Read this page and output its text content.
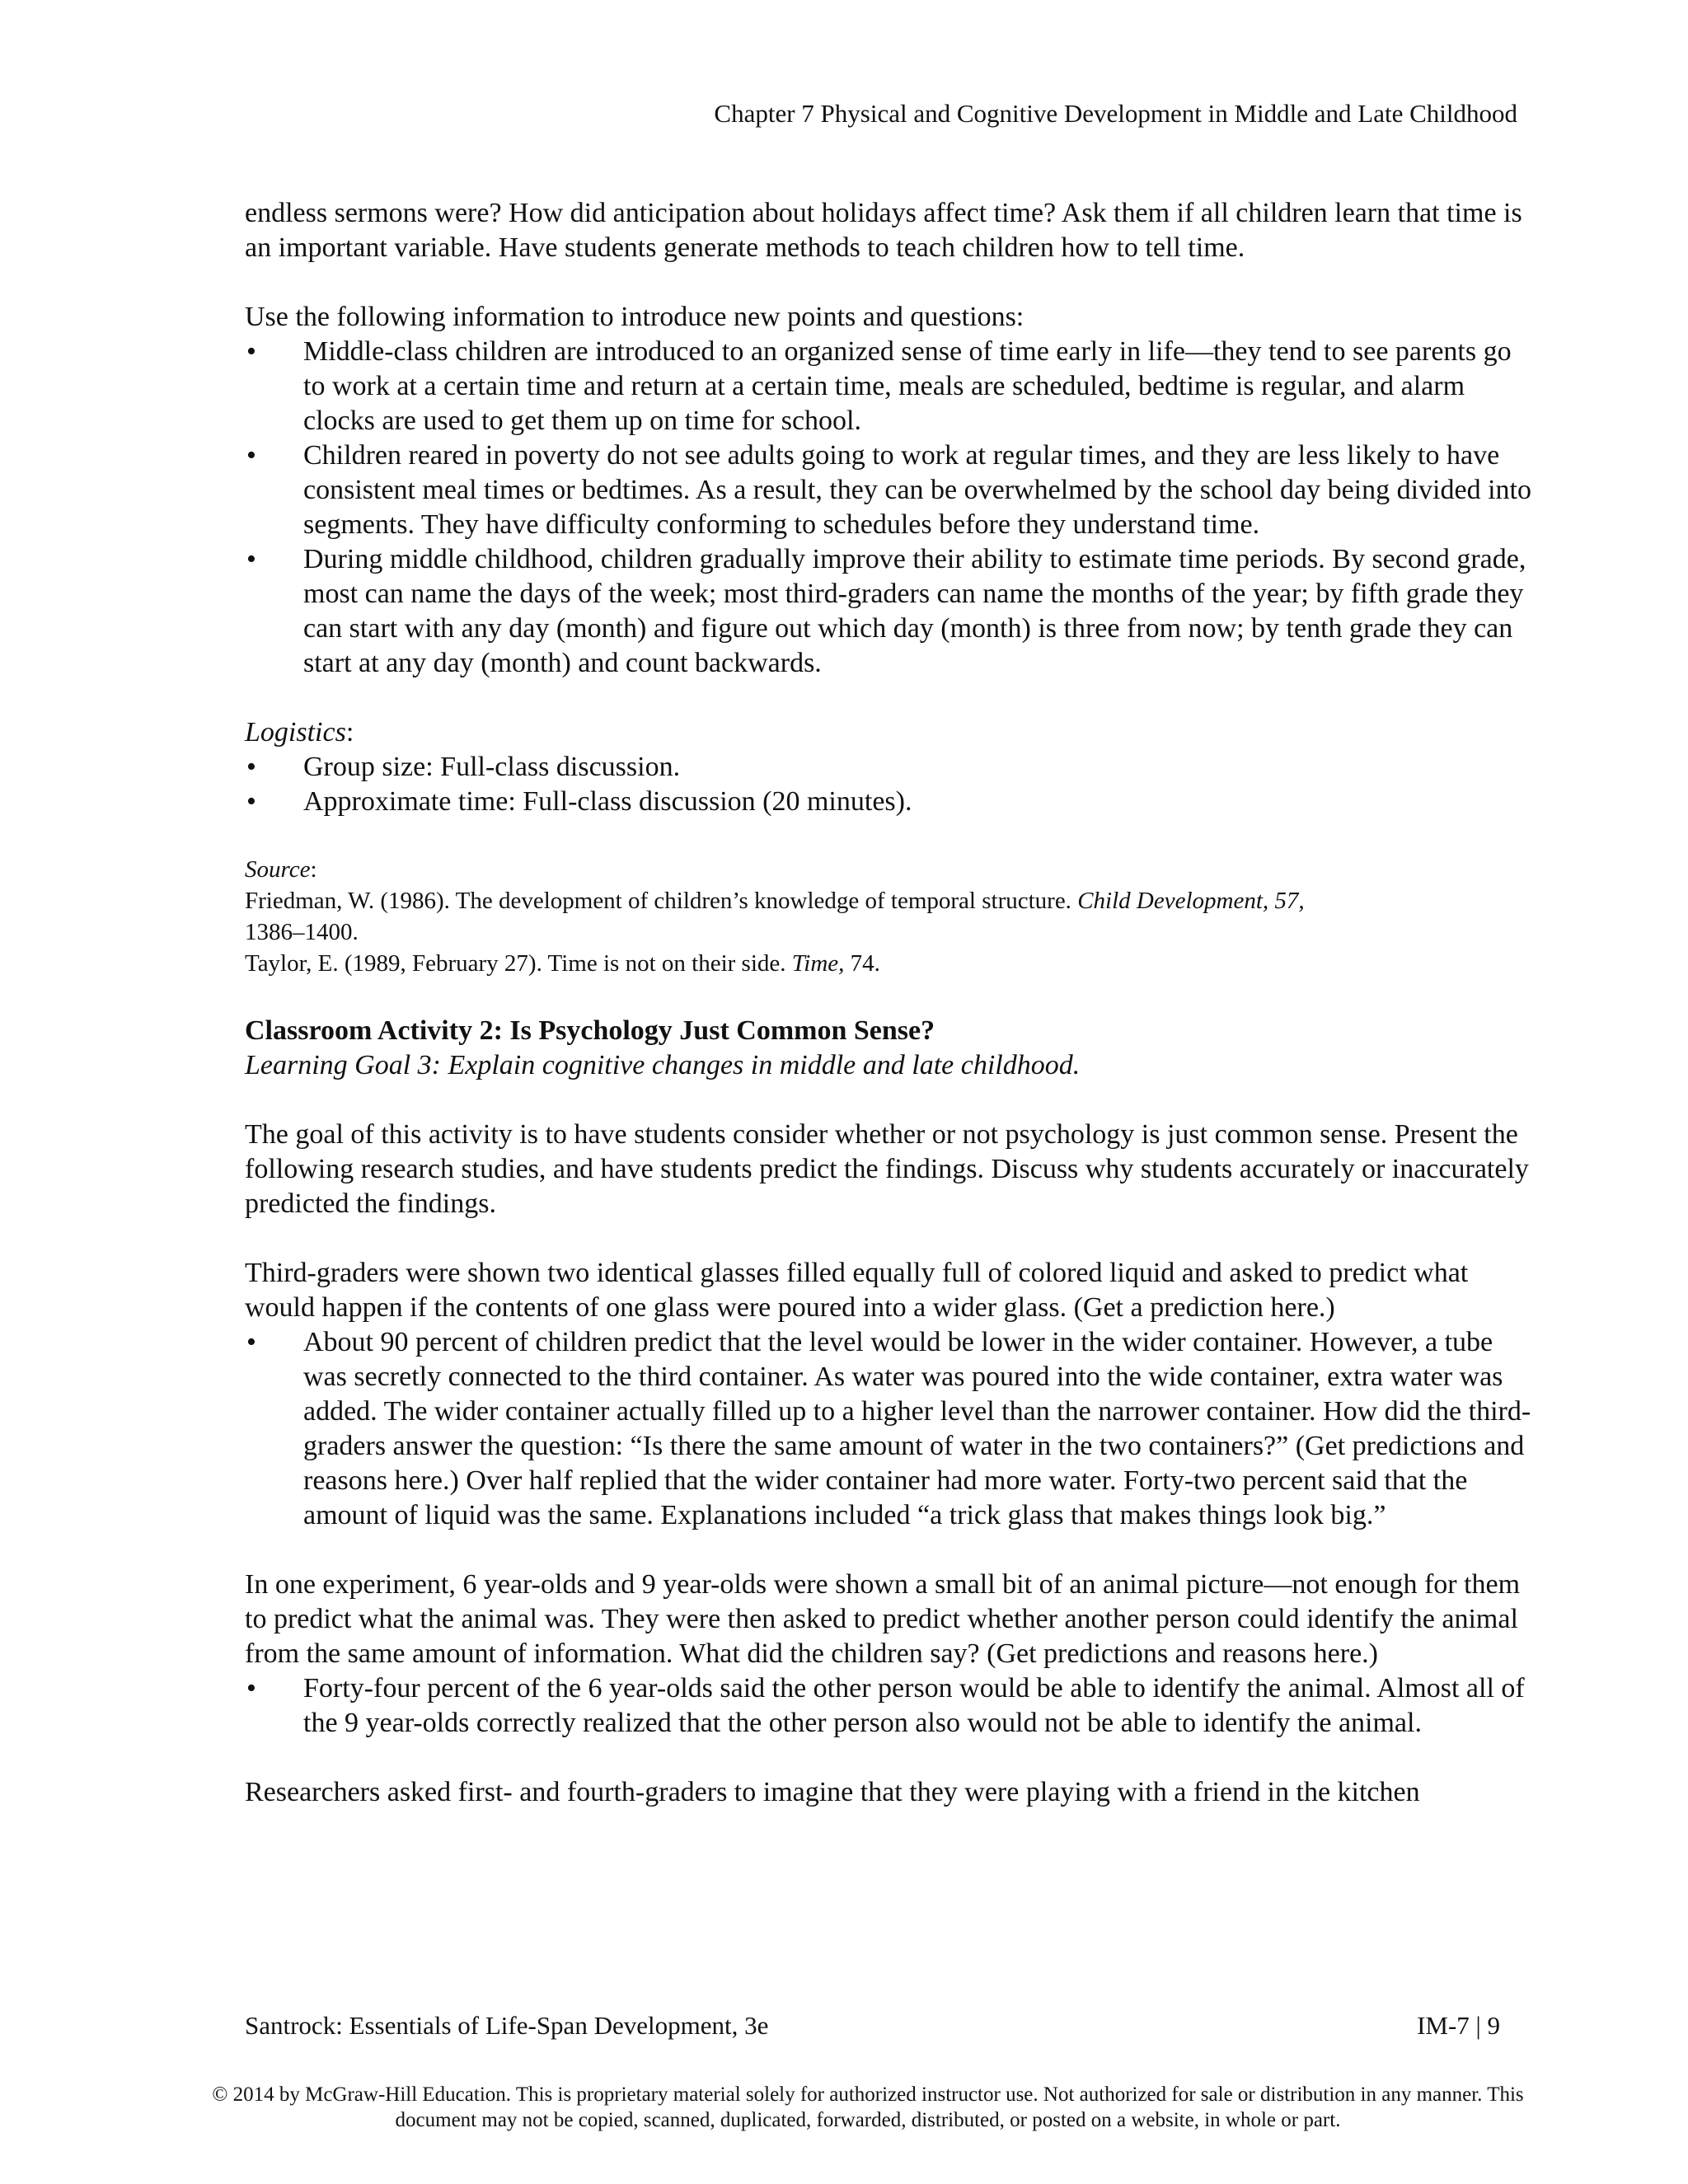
Chapter 7 Physical and Cognitive Development in Middle and Late Childhood

endless sermons were? How did anticipation about holidays affect time? Ask them if all children learn that time is an important variable. Have students generate methods to teach children how to tell time.

Use the following information to introduce new points and questions:

• Middle-class children are introduced to an organized sense of time early in life—they tend to see parents go to work at a certain time and return at a certain time, meals are scheduled, bedtime is regular, and alarm clocks are used to get them up on time for school.
• Children reared in poverty do not see adults going to work at regular times, and they are less likely to have consistent meal times or bedtimes. As a result, they can be overwhelmed by the school day being divided into segments. They have difficulty conforming to schedules before they understand time.
• During middle childhood, children gradually improve their ability to estimate time periods. By second grade, most can name the days of the week; most third-graders can name the months of the year; by fifth grade they can start with any day (month) and figure out which day (month) is three from now; by tenth grade they can start at any day (month) and count backwards.

Logistics:

• Group size: Full-class discussion.
• Approximate time: Full-class discussion (20 minutes).
Source:
Friedman, W. (1986). The development of children’s knowledge of temporal structure. Child Development, 57,
1386–1400.
Taylor, E. (1989, February 27). Time is not on their side. Time, 74.

Classroom Activity 2: Is Psychology Just Common Sense?

Learning Goal 3: Explain cognitive changes in middle and late childhood.

The goal of this activity is to have students consider whether or not psychology is just common sense. Present the following research studies, and have students predict the findings. Discuss why students accurately or inaccurately predicted the findings.

Third-graders were shown two identical glasses filled equally full of colored liquid and asked to predict what would happen if the contents of one glass were poured into a wider glass. (Get a prediction here.)

• About 90 percent of children predict that the level would be lower in the wider container. However, a tube was secretly connected to the third container. As water was poured into the wide container, extra water was added. The wider container actually filled up to a higher level than the narrower container. How did the third-graders answer the question: “Is there the same amount of water in the two containers?” (Get predictions and reasons here.) Over half replied that the wider container had more water. Forty-two percent said that the amount of liquid was the same. Explanations included “a trick glass that makes things look big.”

In one experiment, 6 year-olds and 9 year-olds were shown a small bit of an animal picture—not enough for them to predict what the animal was. They were then asked to predict whether another person could identify the animal from the same amount of information. What did the children say? (Get predictions and reasons here.)

• Forty-four percent of the 6 year-olds said the other person would be able to identify the animal. Almost all of the 9 year-olds correctly realized that the other person also would not be able to identify the animal.

Researchers asked first- and fourth-graders to imagine that they were playing with a friend in the kitchen

Santrock: Essentials of Life-Span Development, 3e	IM-7 | 9
© 2014 by McGraw-Hill Education. This is proprietary material solely for authorized instructor use. Not authorized for sale or distribution in any manner. This document may not be copied, scanned, duplicated, forwarded, distributed, or posted on a website, in whole or part.
